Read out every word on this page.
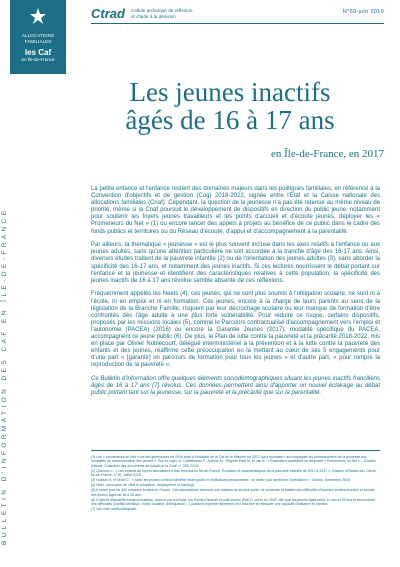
ALLOCATIONS
FAMILIALES
les Caf
en Île-de-France
Ctrad Cellule technique de réflexion
et d'aide à la décision
N°69-juin 2019
BULLETIN D'INFORMATION DES CAF EN ÎLE-DE-FRANCE
Les jeunes inactifs
âgés de 16 à 17 ans
en Île-de-France, en 2017

La petite enfance et l'enfance restent des domaines majeurs dans les politiques familiales, en référence à la Convention d'objectifs et de gestion (Cog) 2018-2022, signée entre l'État et la Caisse nationale des allocations familiales (Cnaf). Cependant, la question de la jeunesse n'a pas été retenue au même niveau de priorité, même si la Cnaf poursuit le développement de dispositifs en direction du public jeune, notamment pour soutenir les foyers jeunes travailleurs et les points d'accueil et d'écoute jeunes, déployer les « Promeneurs du Net » (1) ou encore lancer des appels à projets au bénéfice de ce public dans le cadre des fonds publics et territoires ou du Réseau d'écoute, d'appui et d'accompagnement à la parentalité.

Par ailleurs, la thématique « jeunesse » est le plus souvent incluse dans les axes relatifs à l'enfance ou aux jeunes adultes, sans qu'une attention particulière ne soit accordée à la tranche d'âge des 16-17 ans. Ainsi, diverses études traitent de la pauvreté infantile (2) ou de l'orientation des jeunes adultes (3), sans aborder la spécificité des 16-17 ans, et notamment des jeunes inactifs. Si ces lectures nourrissent le débat portant sur l'enfance et la jeunesse et identifient des caractéristiques relatives à cette population, la spécificité des jeunes inactifs de 16 à 17 ans révolue semble absente de ces réflexions.

Fréquemment appelés les Neets (4), ces jeunes, qui ne sont plus soumis à l'obligation scolaire, ne sont ni à l'école, ni en emploi et ni en formation. Ces jeunes, encore à la charge de leurs parents au sens de la législation de la Branche Famille, risquent par leur décrochage scolaire ou leur manque de formation d'être confrontés dès l'âge adulte à une plus forte vulnérabilité. Pour réduire ce risque, certains dispositifs, proposés par les missions locales (5), comme le Parcours contractualisé d'accompagnement vers l'emploi et l'autonomie (PACEA) (2016) ou encore la Garantie Jeunes (2017), modalité spécifique du PACEA, accompagnent ce jeune public (6). De plus, le Plan de lutte contre la pauvreté et la précarité 2018-2022, mis en place par Olivier Noblecourt, délégué interministériel à la prévention et à la lutte contre la pauvreté des enfants et des jeunes, réaffirme cette préoccupation en la mettant au cœur de ses 5 engagements pour d'une part « [garantir] un parcours de formation pour tous les jeunes » et d'autre part, « pour rompre la reproduction de la pauvreté ».

Ce Bulletin d'information offre quelques éléments sociodémographiques situant les jeunes inactifs franciliens âgés de 16 à 17 ans (7) révolus. Ces données permettent ainsi d'apporter un nouvel éclairage au débat public portant tant sur la jeunesse, sur la pauvreté et la précarité que sur la parentalité.

(1) Les « promeneurs du Net » ont été généralisés en 2016 suite à l'initiative de la Caf de la Manche en 2012 qui a souhaité « accompagner les professionnels de la jeunesse aux modalités de communication des jeunes ». Sur ce sujet, cf. Cathelineau P., Aubrun M., Régnier-Petit M. et Jan A., « Évaluation qualitative du dispositif « Promeneurs du Net » – Dossier d'étude, Collection des documents de travail de la Cnaf, n° 206, 2019.

(2) Quenum J., « Les enfants de foyers allocataires à bas revenus en Île-de-France. Évolution et caractéristiques de la pauvreté infantile de 2010 à 2017 », Dossier d'Études des Caf en Île-de-France, n°16, Juillet 2018.

(3) Hoibian S. et Millot C., « Aider les jeunes à mieux identifier leurs goûts et motivations personnelles : un levier pour améliorer l'orientation », Credoc, Décembre 2018.

(4) Neet : acronyme de «Not in education, employment or training».

(5) Il existe plus de 400 missions locales en France. Ces associations exercent une mission de service public de proximité et traitent des difficultés d'insertion professionnelle et sociale des jeunes âgés de 16 à 25 ans.

(6) D'autres dispositifs existent toutefois, comme par exemple, les Points d'accueil écoute jeunes (PAEJ), créés en 2002, afin que les jeunes âgés entre 12 ans et 25 ans et rencontrant des difficultés (conflits familiaux, échec scolaire, délinquance,...) puissent exprimer librement leur mal-être et retrouver une capacité d'initiative et d'action.

(7) Voir note méthodologique.
